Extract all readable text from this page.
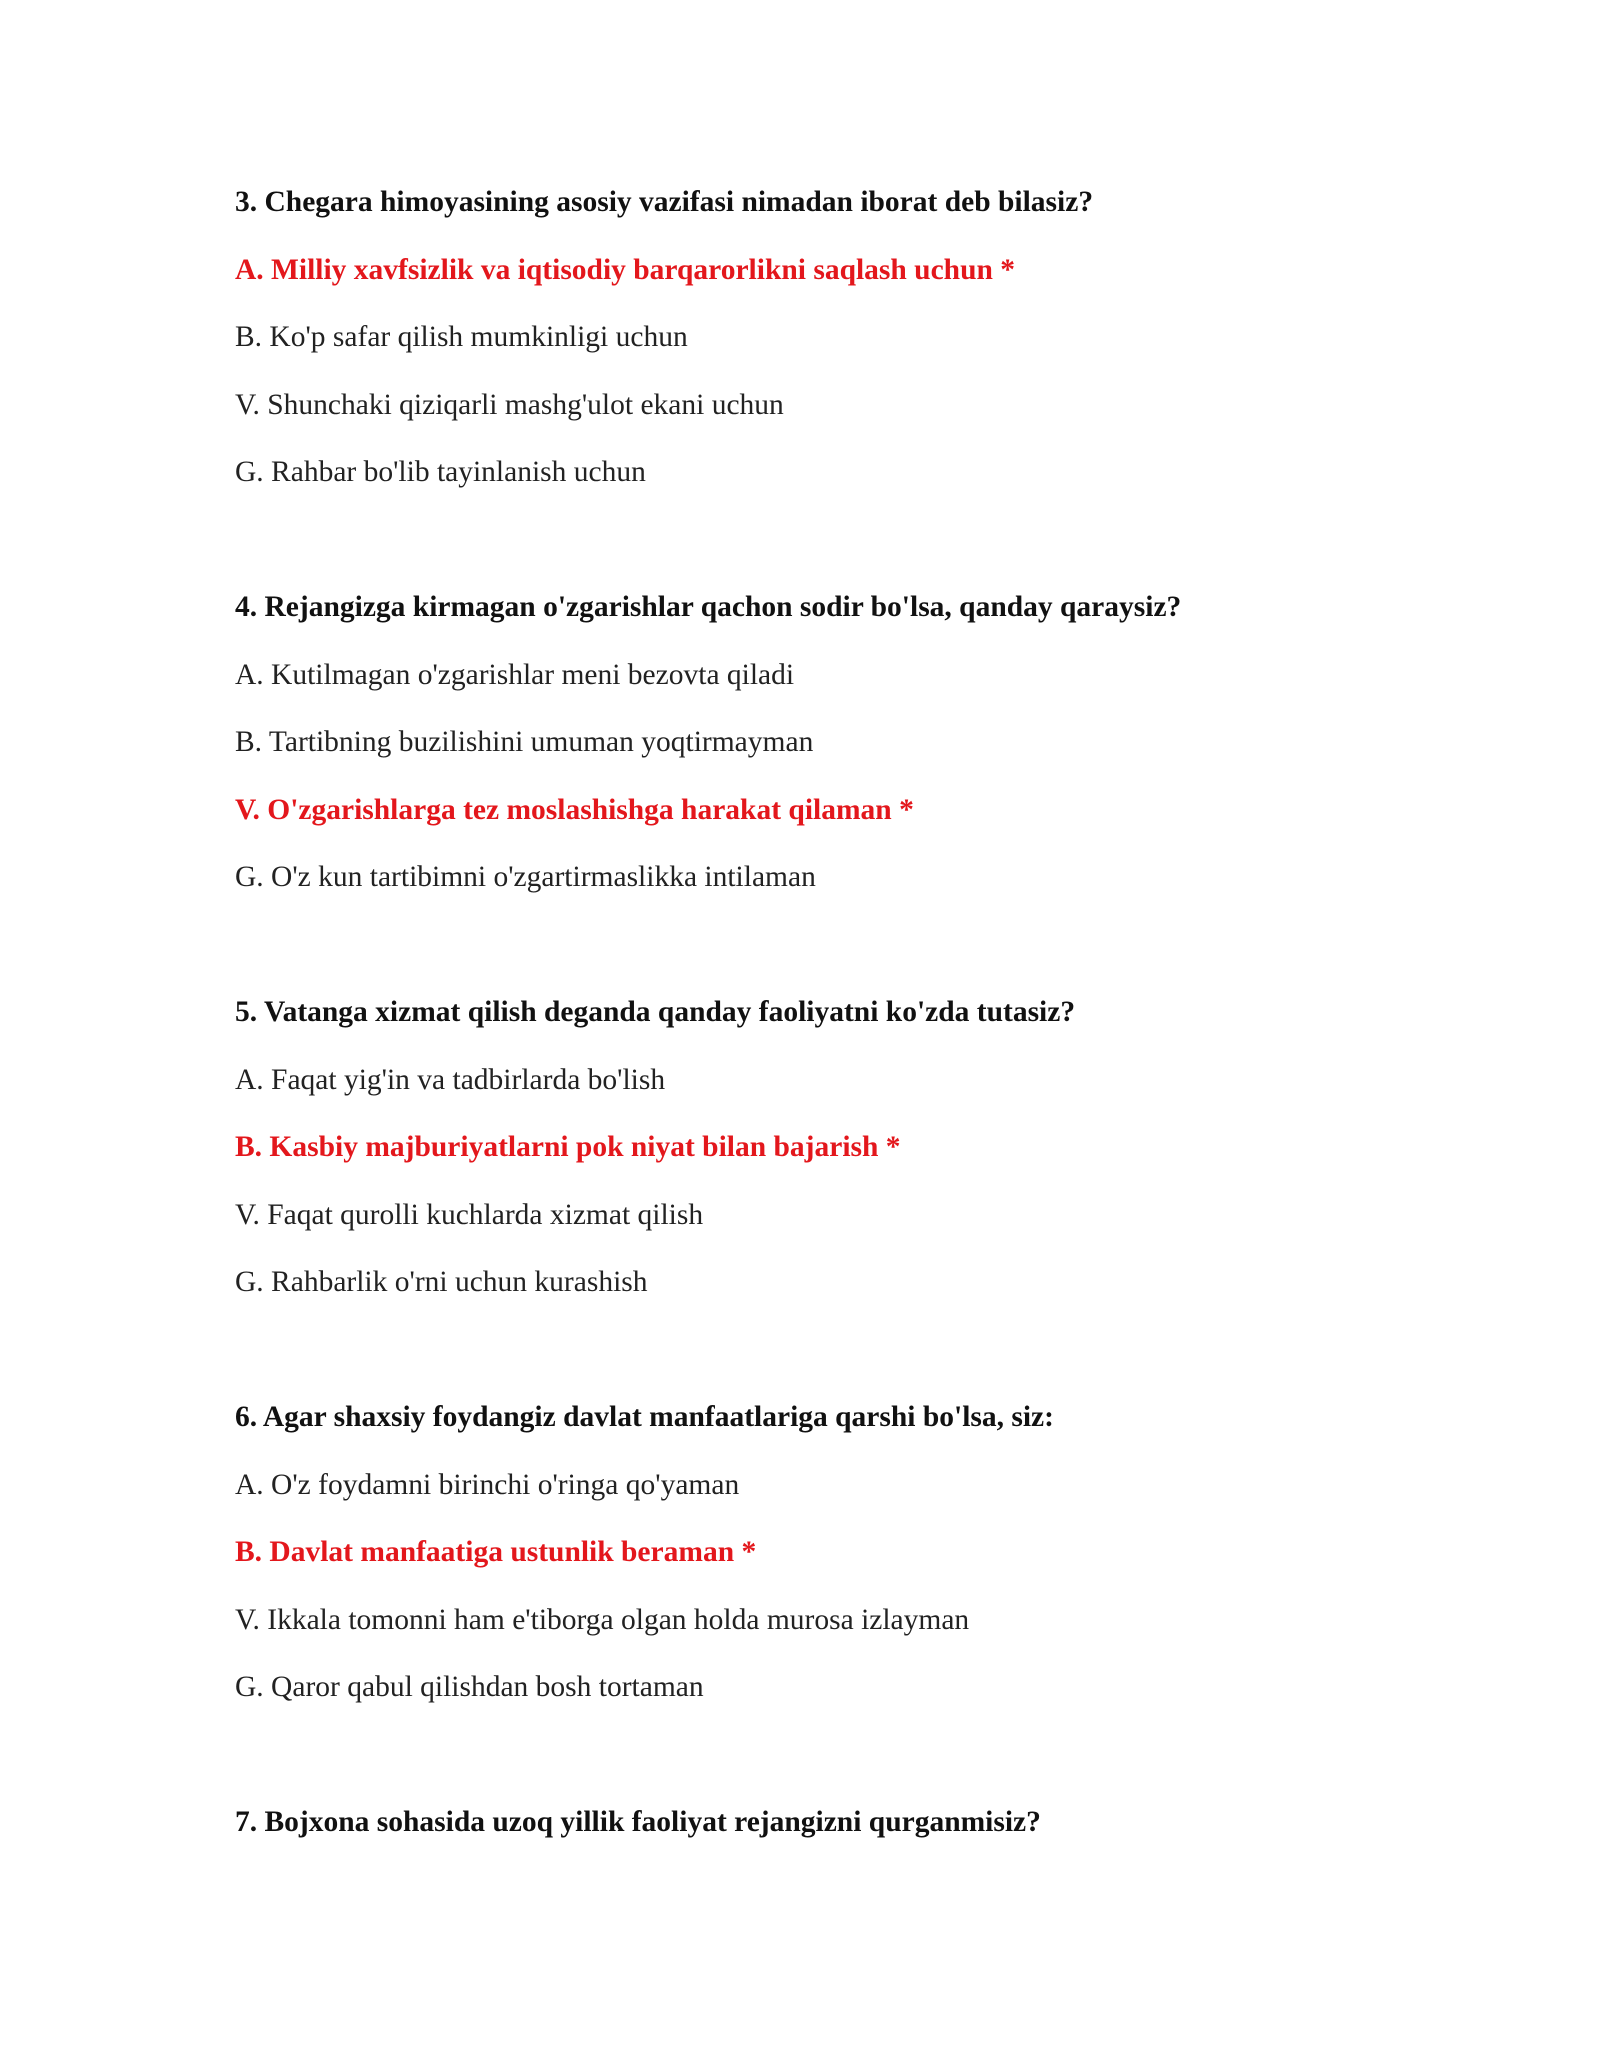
3. Chegara himoyasining asosiy vazifasi nimadan iborat deb bilasiz?
A. Milliy xavfsizlik va iqtisodiy barqarorlikni saqlash uchun *
B. Ko'p safar qilish mumkinligi uchun
V. Shunchaki qiziqarli mashg'ulot ekani uchun
G. Rahbar bo'lib tayinlanish uchun
4. Rejangizga kirmagan o'zgarishlar qachon sodir bo'lsa, qanday qaraysiz?
A. Kutilmagan o'zgarishlar meni bezovta qiladi
B. Tartibning buzilishini umuman yoqtirmayman
V. O'zgarishlarga tez moslashishga harakat qilaman *
G. O'z kun tartibimni o'zgartirmaslikka intilaman
5. Vatanga xizmat qilish deganda qanday faoliyatni ko'zda tutasiz?
A. Faqat yig'in va tadbirlarda bo'lish
B. Kasbiy majburiyatlarni pok niyat bilan bajarish *
V. Faqat qurolli kuchlarda xizmat qilish
G. Rahbarlik o'rni uchun kurashish
6. Agar shaxsiy foydangiz davlat manfaatlariga qarshi bo'lsa, siz:
A. O'z foydamni birinchi o'ringa qo'yaman
B. Davlat manfaatiga ustunlik beraman *
V. Ikkala tomonni ham e'tiborga olgan holda murosa izlayman
G. Qaror qabul qilishdan bosh tortaman
7. Bojxona sohasida uzoq yillik faoliyat rejangizni qurganmisiz?
